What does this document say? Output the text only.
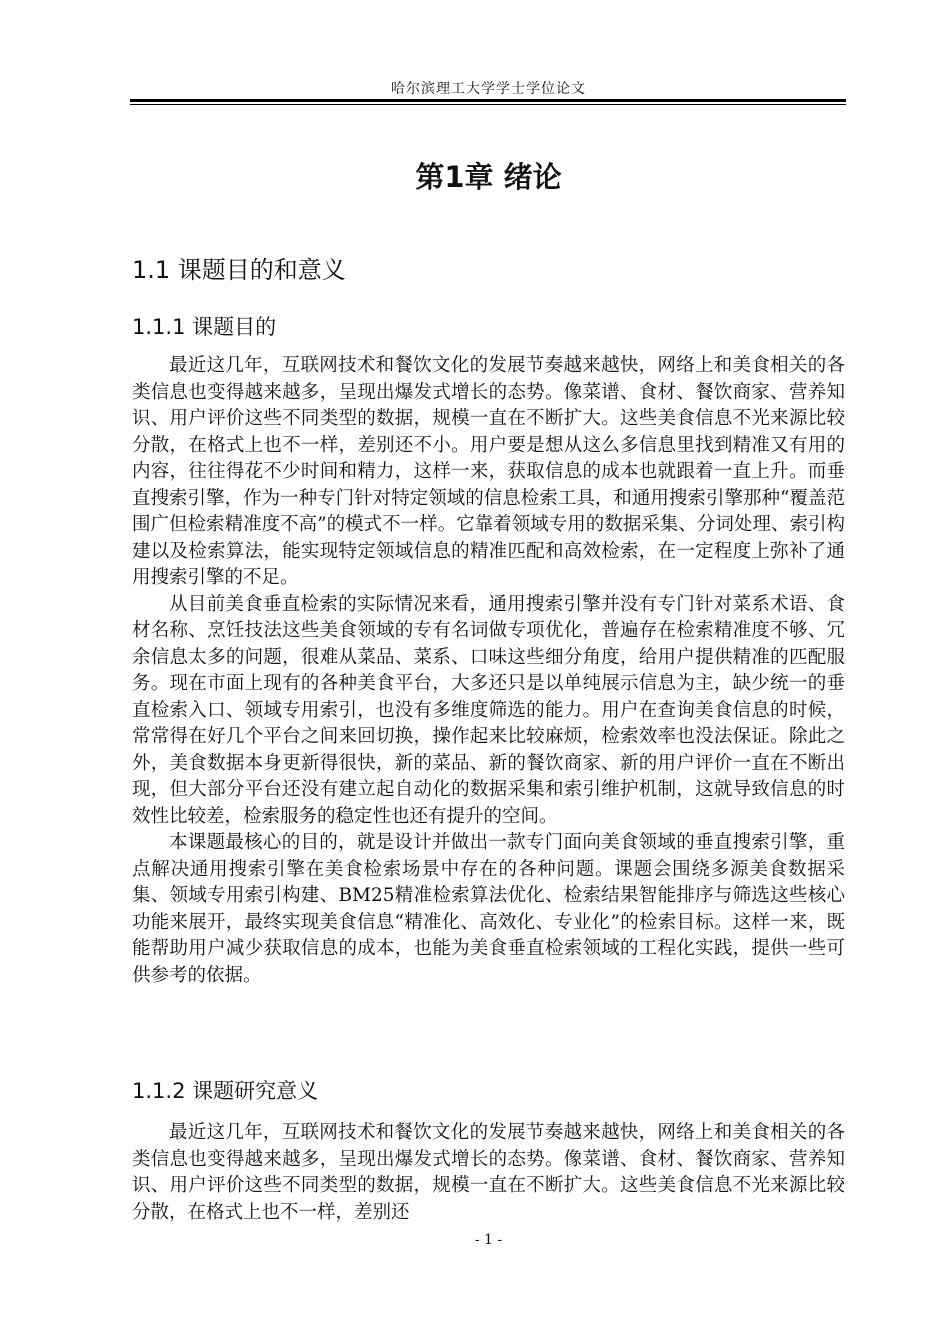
哈尔滨理工大学学士学位论文
第1章 绪论
1.1 课题目的和意义
1.1.1 课题目的

最近这几年，互联网技术和餐饮文化的发展节奏越来越快，网络上和美食相关的各类信息也变得越来越多，呈现出爆发式增长的态势。像菜谱、食材、餐饮商家、营养知识、用户评价这些不同类型的数据，规模一直在不断扩大。这些美食信息不光来源比较分散，在格式上也不一样，差别还不小。用户要是想从这么多信息里找到精准又有用的内容，往往得花不少时间和精力，这样一来，获取信息的成本也就跟着一直上升。而垂直搜索引擎，作为一种专门针对特定领域的信息检索工具，和通用搜索引擎那种“覆盖范围广但检索精准度不高”的模式不一样。它靠着领域专用的数据采集、分词处理、索引构建以及检索算法，能实现特定领域信息的精准匹配和高效检索，在一定程度上弥补了通用搜索引擎的不足。

从目前美食垂直检索的实际情况来看，通用搜索引擎并没有专门针对菜系术语、食材名称、烹饪技法这些美食领域的专有名词做专项优化，普遍存在检索精准度不够、冗余信息太多的问题，很难从菜品、菜系、口味这些细分角度，给用户提供精准的匹配服务。现在市面上现有的各种美食平台，大多还只是以单纯展示信息为主，缺少统一的垂直检索入口、领域专用索引，也没有多维度筛选的能力。用户在查询美食信息的时候，常常得在好几个平台之间来回切换，操作起来比较麻烦，检索效率也没法保证。除此之外，美食数据本身更新得很快，新的菜品、新的餐饮商家、新的用户评价一直在不断出现，但大部分平台还没有建立起自动化的数据采集和索引维护机制，这就导致信息的时效性比较差，检索服务的稳定性也还有提升的空间。

本课题最核心的目的，就是设计并做出一款专门面向美食领域的垂直搜索引擎，重点解决通用搜索引擎在美食检索场景中存在的各种问题。课题会围绕多源美食数据采集、领域专用索引构建、BM25精准检索算法优化、检索结果智能排序与筛选这些核心功能来展开，最终实现美食信息“精准化、高效化、专业化”的检索目标。这样一来，既能帮助用户减少获取信息的成本，也能为美食垂直检索领域的工程化实践，提供一些可供参考的依据。

1.1.2 课题研究意义

最近这几年，互联网技术和餐饮文化的发展节奏越来越快，网络上和美食相关的各类信息也变得越来越多，呈现出爆发式增长的态势。像菜谱、食材、餐饮商家、营养知识、用户评价这些不同类型的数据，规模一直在不断扩大。这些美食信息不光来源比较分散，在格式上也不一样，差别还

- 1 -
